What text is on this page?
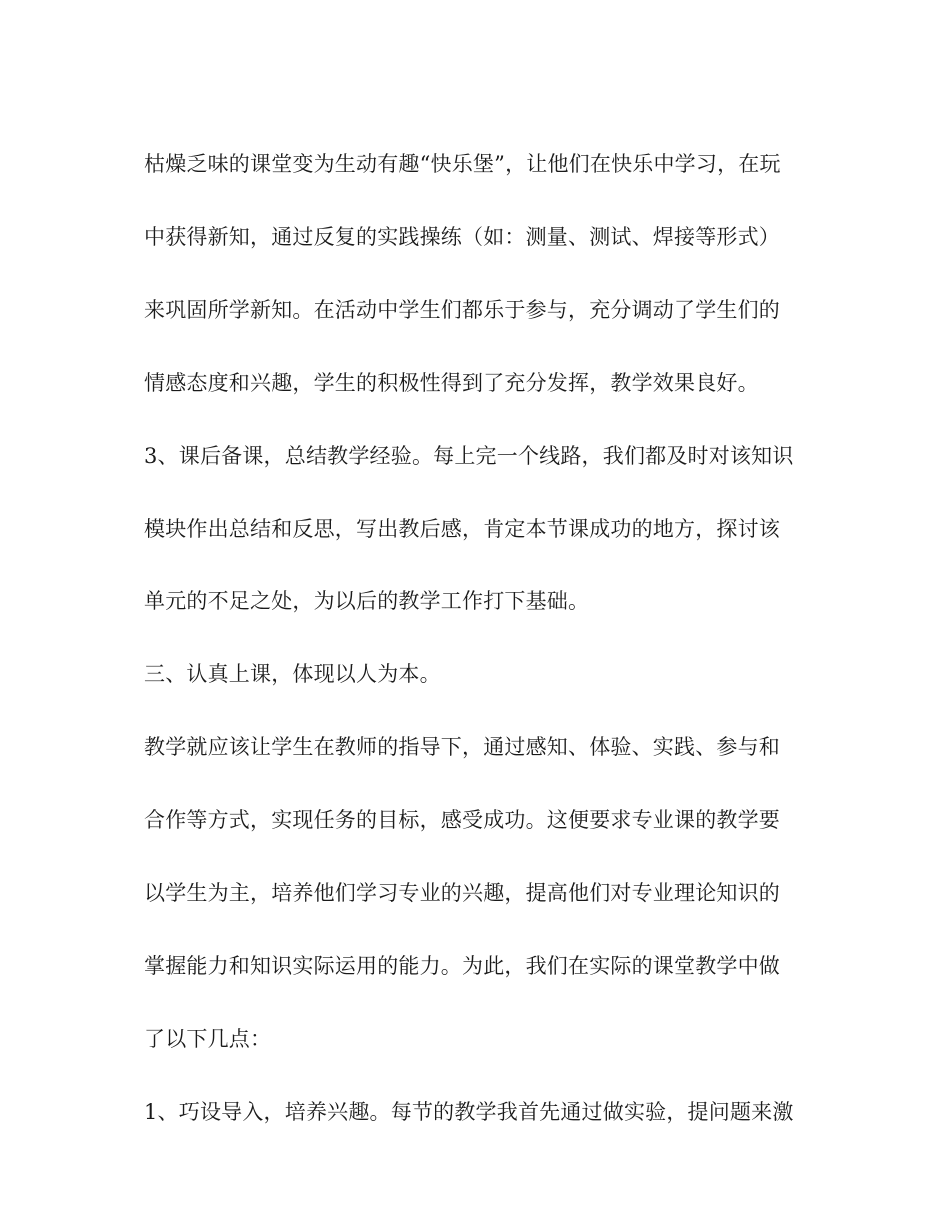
枯燥乏味的课堂变为生动有趣“快乐堡”，让他们在快乐中学习，在玩

中获得新知，通过反复的实践操练（如：测量、测试、焊接等形式）

来巩固所学新知。在活动中学生们都乐于参与，充分调动了学生们的

情感态度和兴趣，学生的积极性得到了充分发挥，教学效果良好。

3、课后备课，总结教学经验。每上完一个线路，我们都及时对该知识

模块作出总结和反思，写出教后感，肯定本节课成功的地方，探讨该

单元的不足之处，为以后的教学工作打下基础。

三、认真上课，体现以人为本。

教学就应该让学生在教师的指导下，通过感知、体验、实践、参与和

合作等方式，实现任务的目标，感受成功。这便要求专业课的教学要

以学生为主，培养他们学习专业的兴趣，提高他们对专业理论知识的

掌握能力和知识实际运用的能力。为此，我们在实际的课堂教学中做

了以下几点：

1、巧设导入，培养兴趣。每节的教学我首先通过做实验，提问题来激
